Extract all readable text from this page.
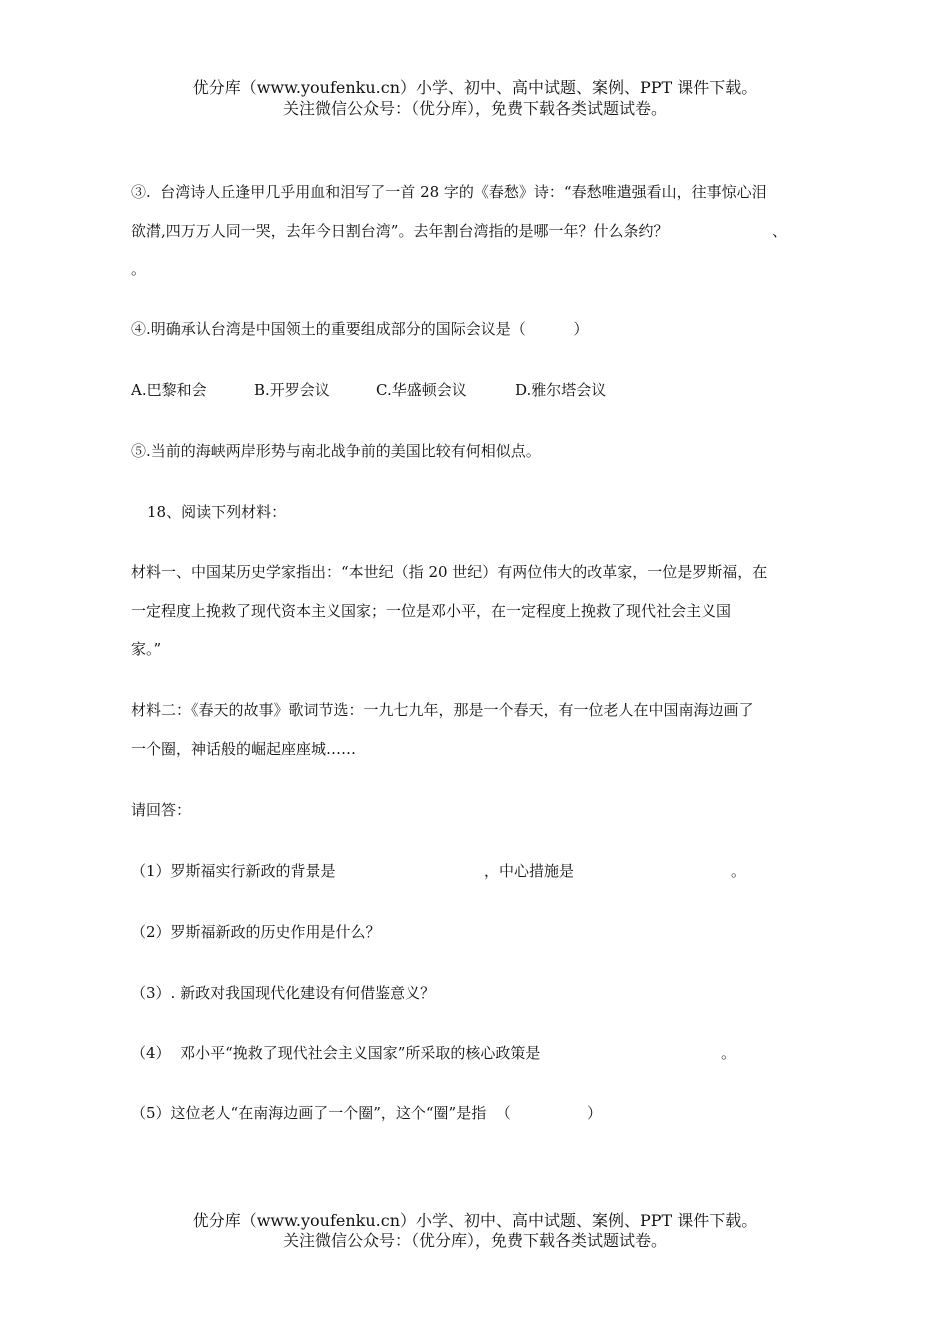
优分库（www.youfenku.cn）小学、初中、高中试题、案例、PPT 课件下载。
关注微信公众号：（优分库），免费下载各类试题试卷。
③.  台湾诗人丘逢甲几乎用血和泪写了一首 28 字的《春愁》诗：“春愁唯遣强看山，往事惊心泪
欲潸,四万万人同一哭，去年今日割台湾”。去年割台湾指的是哪一年？什么条约？	、
。
④.明确承认台湾是中国领土的重要组成部分的国际会议是（          ）
A.巴黎和会	B.开罗会议	C.华盛顿会议	D.雅尔塔会议
⑤.当前的海峡两岸形势与南北战争前的美国比较有何相似点。
18、阅读下列材料：
材料一、中国某历史学家指出：“本世纪（指 20 世纪）有两位伟大的改革家，一位是罗斯福，在
一定程度上挽救了现代资本主义国家；一位是邓小平，在一定程度上挽救了现代社会主义国
家。”
材料二：《春天的故事》歌词节选：一九七九年，那是一个春天，有一位老人在中国南海边画了
一个圈，神话般的崛起座座城……
请回答：
（1）罗斯福实行新政的背景是	，中心措施是	。
（2）罗斯福新政的历史作用是什么？
（3）. 新政对我国现代化建设有何借鉴意义？
（4）  邓小平“挽救了现代社会主义国家”所采取的核心政策是	。
（5）这位老人“在南海边画了一个圈”，这个“圈”是指  （                ）
优分库（www.youfenku.cn）小学、初中、高中试题、案例、PPT 课件下载。
关注微信公众号：（优分库），免费下载各类试题试卷。
